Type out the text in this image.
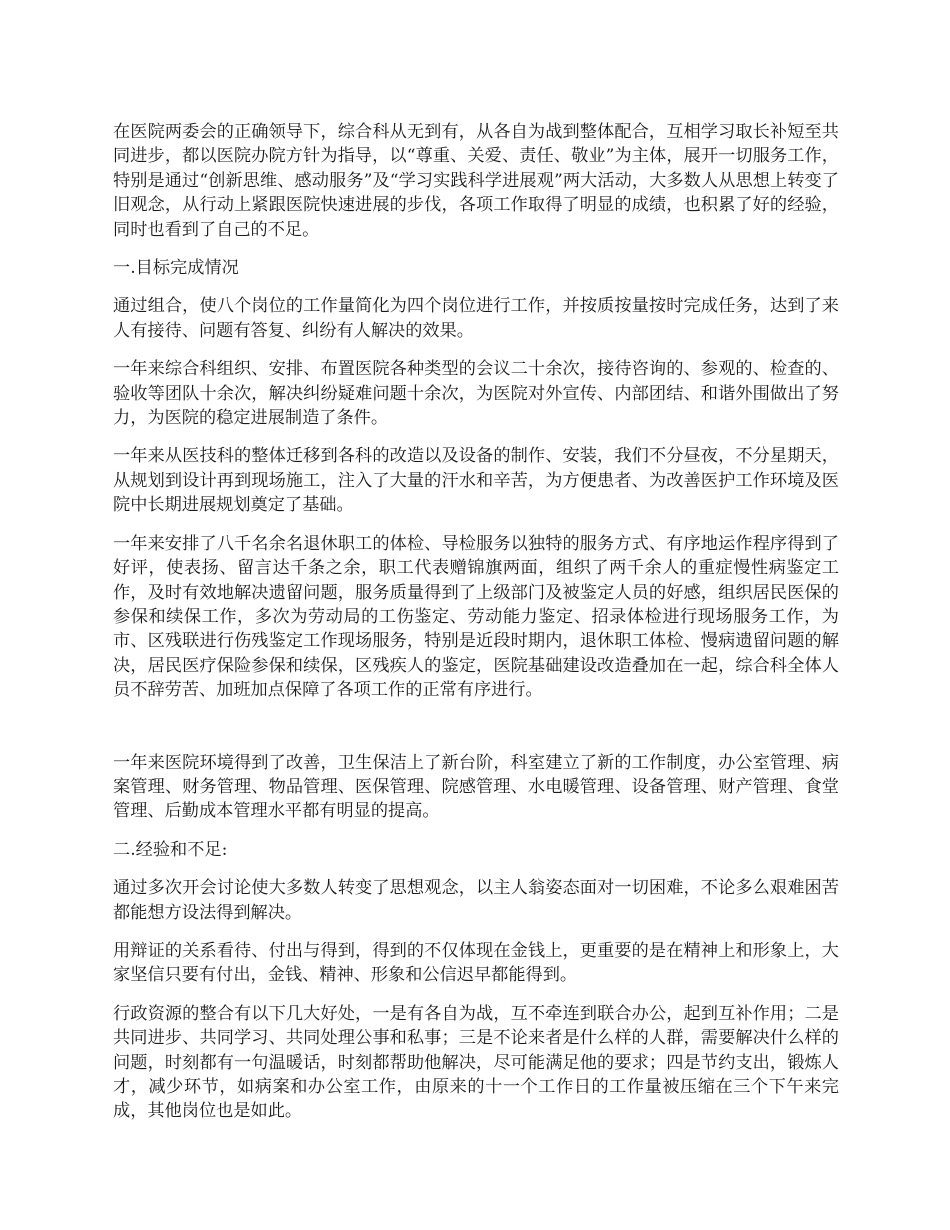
在医院两委会的正确领导下，综合科从无到有，从各自为战到整体配合，互相学习取长补短至共同进步，都以医院办院方针为指导，以“尊重、关爱、责任、敬业”为主体，展开一切服务工作，特别是通过“创新思维、感动服务”及“学习实践科学进展观”两大活动，大多数人从思想上转变了旧观念，从行动上紧跟医院快速进展的步伐，各项工作取得了明显的成绩，也积累了好的经验，同时也看到了自己的不足。

一.目标完成情况

通过组合，使八个岗位的工作量简化为四个岗位进行工作，并按质按量按时完成任务，达到了来人有接待、问题有答复、纠纷有人解决的效果。

一年来综合科组织、安排、布置医院各种类型的会议二十余次，接待咨询的、参观的、检查的、验收等团队十余次，解决纠纷疑难问题十余次，为医院对外宣传、内部团结、和谐外围做出了努力，为医院的稳定进展制造了条件。

一年来从医技科的整体迁移到各科的改造以及设备的制作、安装，我们不分昼夜，不分星期天，从规划到设计再到现场施工，注入了大量的汗水和辛苦，为方便患者、为改善医护工作环境及医院中长期进展规划奠定了基础。

一年来安排了八千名余名退休职工的体检、导检服务以独特的服务方式、有序地运作程序得到了好评，使表扬、留言达千条之余，职工代表赠锦旗两面，组织了两千余人的重症慢性病鉴定工作，及时有效地解决遗留问题，服务质量得到了上级部门及被鉴定人员的好感，组织居民医保的参保和续保工作，多次为劳动局的工伤鉴定、劳动能力鉴定、招录体检进行现场服务工作，为市、区残联进行伤残鉴定工作现场服务，特别是近段时期内，退休职工体检、慢病遗留问题的解决，居民医疗保险参保和续保，区残疾人的鉴定，医院基础建设改造叠加在一起，综合科全体人员不辞劳苦、加班加点保障了各项工作的正常有序进行。

一年来医院环境得到了改善，卫生保洁上了新台阶，科室建立了新的工作制度，办公室管理、病案管理、财务管理、物品管理、医保管理、院感管理、水电暖管理、设备管理、财产管理、食堂管理、后勤成本管理水平都有明显的提高。

二.经验和不足:

通过多次开会讨论使大多数人转变了思想观念，以主人翁姿态面对一切困难，不论多么艰难困苦都能想方设法得到解决。

用辩证的关系看待、付出与得到，得到的不仅体现在金钱上，更重要的是在精神上和形象上，大家坚信只要有付出，金钱、精神、形象和公信迟早都能得到。

行政资源的整合有以下几大好处，一是有各自为战，互不牵连到联合办公，起到互补作用；二是共同进步、共同学习、共同处理公事和私事；三是不论来者是什么样的人群，需要解决什么样的问题，时刻都有一句温暖话，时刻都帮助他解决，尽可能满足他的要求；四是节约支出，锻炼人才，减少环节，如病案和办公室工作，由原来的十一个工作日的工作量被压缩在三个下午来完成，其他岗位也是如此。
